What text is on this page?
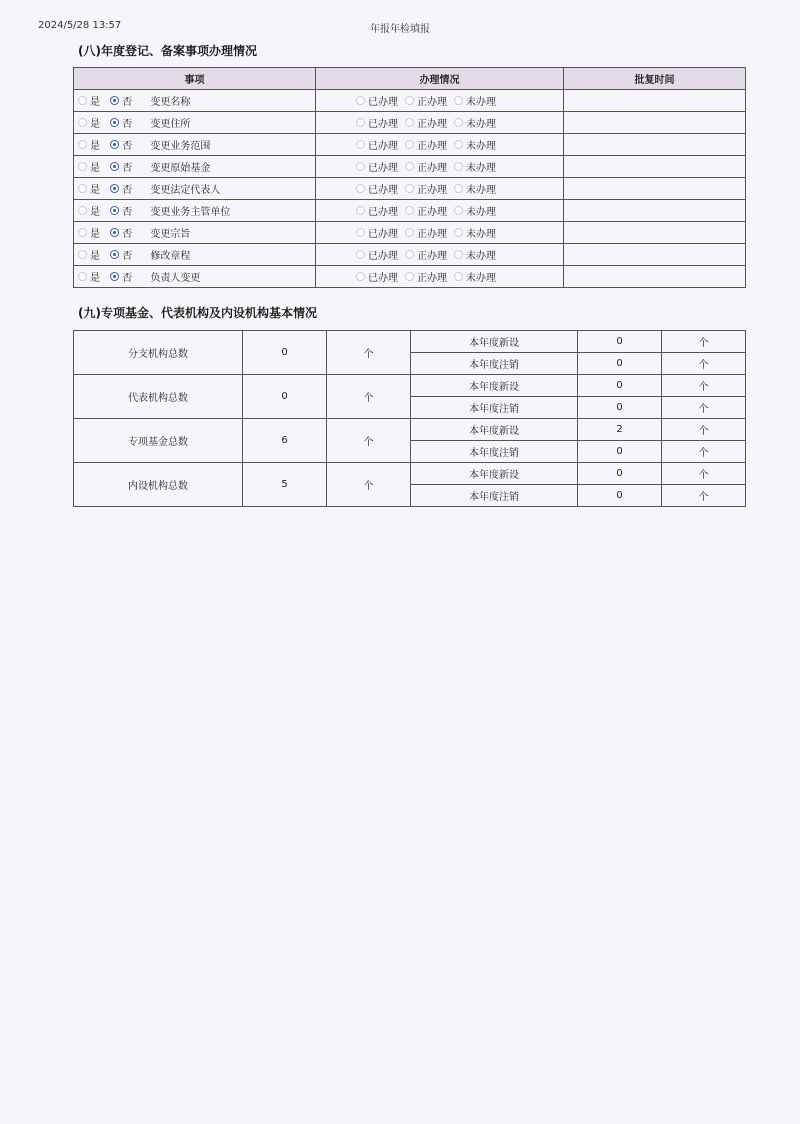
2024/5/28 13:57	年报年检填报
(八)年度登记、备案事项办理情况
事项	办理情况	批复时间
是 否 变更名称	已办理 正办理 未办理	
是 否 变更住所	已办理 正办理 未办理	
是 否 变更业务范围	已办理 正办理 未办理	
是 否 变更原始基金	已办理 正办理 未办理	
是 否 变更法定代表人	已办理 正办理 未办理	
是 否 变更业务主管单位	已办理 正办理 未办理	
是 否 变更宗旨	已办理 正办理 未办理	
是 否 修改章程	已办理 正办理 未办理	
是 否 负责人变更	已办理 正办理 未办理	
(九)专项基金、代表机构及内设机构基本情况
分支机构总数	0	个	本年度新设	0	个
			本年度注销	0	个
代表机构总数	0	个	本年度新设	0	个
			本年度注销	0	个
专项基金总数	6	个	本年度新设	2	个
			本年度注销	0	个
内设机构总数	5	个	本年度新设	0	个
			本年度注销	0	个
